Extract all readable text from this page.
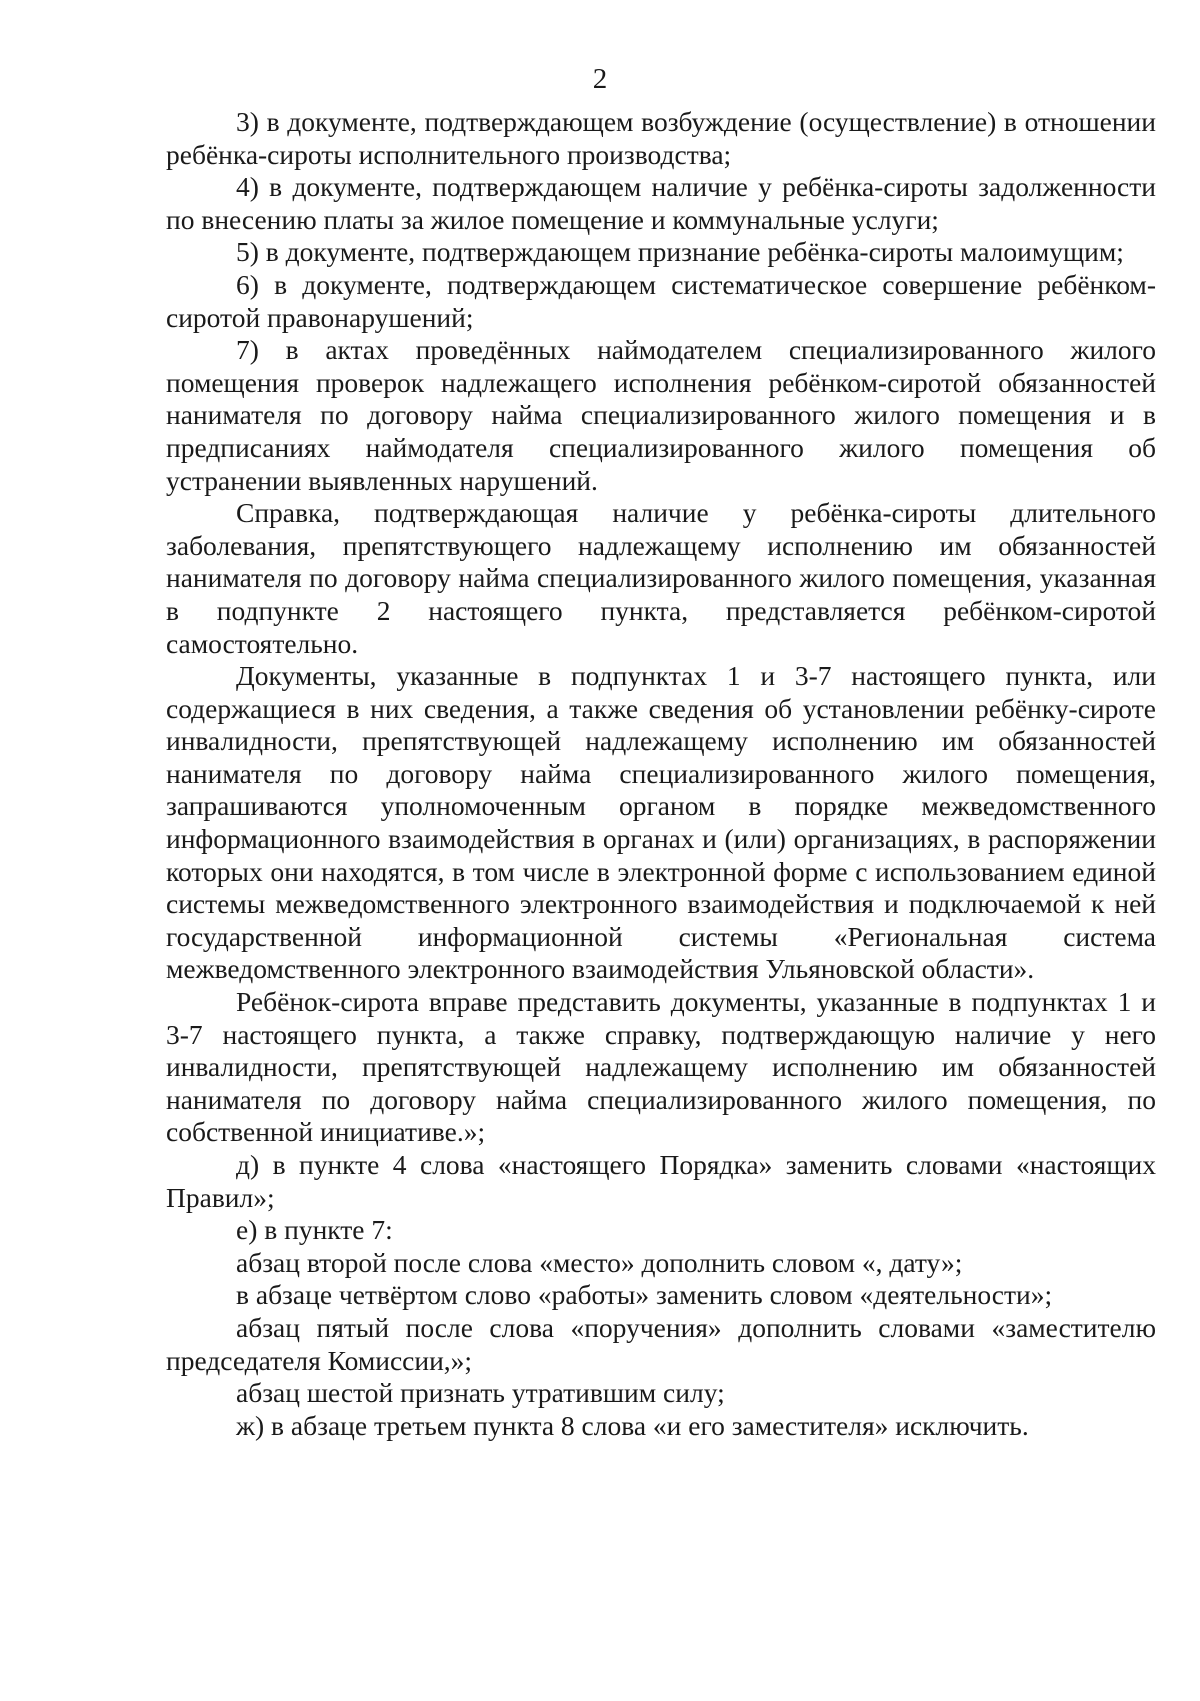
2

3) в документе, подтверждающем возбуждение (осуществление) в отношении ребёнка-сироты исполнительного производства;

4) в документе, подтверждающем наличие у ребёнка-сироты задолженности по внесению платы за жилое помещение и коммунальные услуги;

5) в документе, подтверждающем признание ребёнка-сироты малоимущим;

6) в документе, подтверждающем систематическое совершение ребёнком-сиротой правонарушений;

7) в актах проведённых наймодателем специализированного жилого помещения проверок надлежащего исполнения ребёнком-сиротой обязанностей нанимателя по договору найма специализированного жилого помещения и в предписаниях наймодателя специализированного жилого помещения об устранении выявленных нарушений.

Справка, подтверждающая наличие у ребёнка-сироты длительного заболевания, препятствующего надлежащему исполнению им обязанностей нанимателя по договору найма специализированного жилого помещения, указанная в подпункте 2 настоящего пункта, представляется ребёнком-сиротой самостоятельно.

Документы, указанные в подпунктах 1 и 3-7 настоящего пункта, или содержащиеся в них сведения, а также сведения об установлении ребёнку-сироте инвалидности, препятствующей надлежащему исполнению им обязанностей нанимателя по договору найма специализированного жилого помещения, запрашиваются уполномоченным органом в порядке межведомственного информационного взаимодействия в органах и (или) организациях, в распоряжении которых они находятся, в том числе в электронной форме с использованием единой системы межведомственного электронного взаимодействия и подключаемой к ней государственной информационной системы «Региональная система межведомственного электронного взаимодействия Ульяновской области».

Ребёнок-сирота вправе представить документы, указанные в подпунктах 1 и 3-7 настоящего пункта, а также справку, подтверждающую наличие у него инвалидности, препятствующей надлежащему исполнению им обязанностей нанимателя по договору найма специализированного жилого помещения, по собственной инициативе.»;

д) в пункте 4 слова «настоящего Порядка» заменить словами «настоящих Правил»;

е) в пункте 7:

абзац второй после слова «место» дополнить словом «, дату»;

в абзаце четвёртом слово «работы» заменить словом «деятельности»;

абзац пятый после слова «поручения» дополнить словами «заместителю председателя Комиссии,»;

абзац шестой признать утратившим силу;

ж) в абзаце третьем пункта 8 слова «и его заместителя» исключить.
